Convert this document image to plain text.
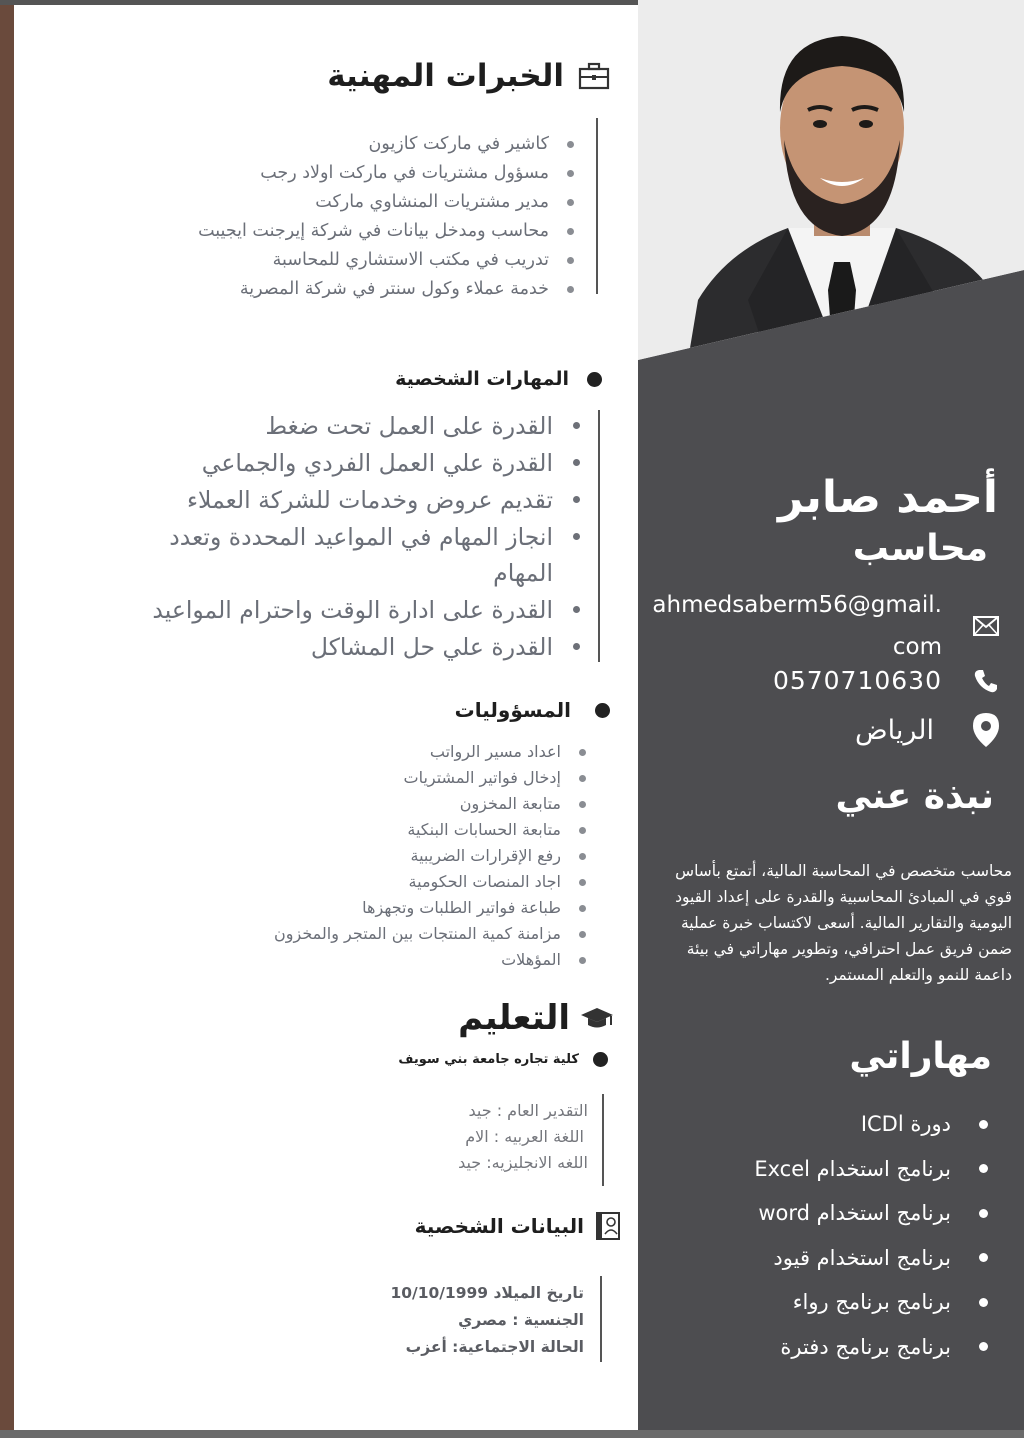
الخبرات المهنية
كاشير في ماركت كازيون
مسؤول مشتريات في ماركت اولاد رجب
مدير مشتريات المنشاوي ماركت
محاسب ومدخل بيانات في شركة إيرجنت ايجيبت
تدريب في مكتب الاستشاري للمحاسبة
خدمة عملاء وكول سنتر في شركة المصرية
المهارات الشخصية
القدرة على العمل تحت ضغط
القدرة علي العمل الفردي والجماعي
تقديم عروض وخدمات للشركة العملاء
انجاز المهام في المواعيد المحددة وتعدد المهام
القدرة على ادارة الوقت واحترام المواعيد
القدرة علي حل المشاكل
المسؤوليات
اعداد مسير الرواتب
إدخال فواتير المشتريات
متابعة المخزون
متابعة الحسابات البنكية
رفع الإقرارات الضريبية
اجاد المنصات الحكومية
طباعة فواتير الطلبات وتجهزها
مزامنة كمية المنتجات بين المتجر والمخزون
المؤهلات
التعليم
كلية تجاره جامعة بني سويف
التقدير العام : جيد
اللغة العربيه : الام
اللغه الانجليزيه: جيد
البيانات الشخصية
تاريخ الميلاد 10/10/1999
الجنسية : مصري
الحالة الاجتماعية: أعزب
أحمد صابر
محاسب
ahmedsaberm56@gmail.com
0570710630
الرياض
نبذة عني

محاسب متخصص في المحاسبة المالية، أتمتع بأساس قوي في المبادئ المحاسبية والقدرة على إعداد القيود اليومية والتقارير المالية. أسعى لاكتساب خبرة عملية ضمن فريق عمل احترافي، وتطوير مهاراتي في بيئة داعمة للنمو والتعلم المستمر.

مهاراتي
دورة ICDl
برنامج استخدام Excel
برنامج استخدام word
برنامج استخدام قيود
برنامج برنامج رواء
برنامج برنامج دفترة
